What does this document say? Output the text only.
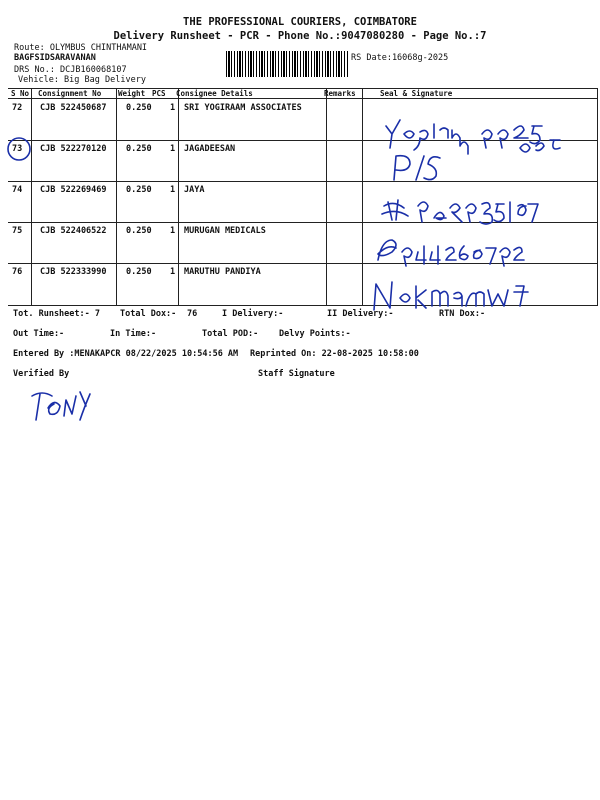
THE PROFESSIONAL COURIERS, COIMBATORE
Delivery Runsheet - PCR - Phone No.:9047080280 - Page No.:7
Route: OLYMBUS CHINTHAMANI
BAGFSIDSARAVANAN
DRS No.: DCJB160068107
Vehicle: Big Bag Delivery
RS Date:16068g-2025
S No Consignment No Weight PCS Consignee Details	Remarks	Seal & Signature
72 CJB 522450687 0.250 1 SRI YOGIRAAM ASSOCIATES
73 CJB 522270120 0.250 1 JAGADEESAN
74 CJB 522269469 0.250 1 JAYA
75 CJB 522406522 0.250 1 MURUGAN MEDICALS
76 CJB 522333990 0.250 1 MARUTHU PANDIYA
Tot. Runsheet:- 7 Total Dox:- 76	I Delivery:-	II Delivery:-	RTN Dox:-
Out Time:-	In Time:-	Total POD:- Delvy Points:-
Entered By :MENAKAPCR 08/22/2025 10:54:56 AM Reprinted On: 22-08-2025 10:58:00
Verified By	Staff Signature
